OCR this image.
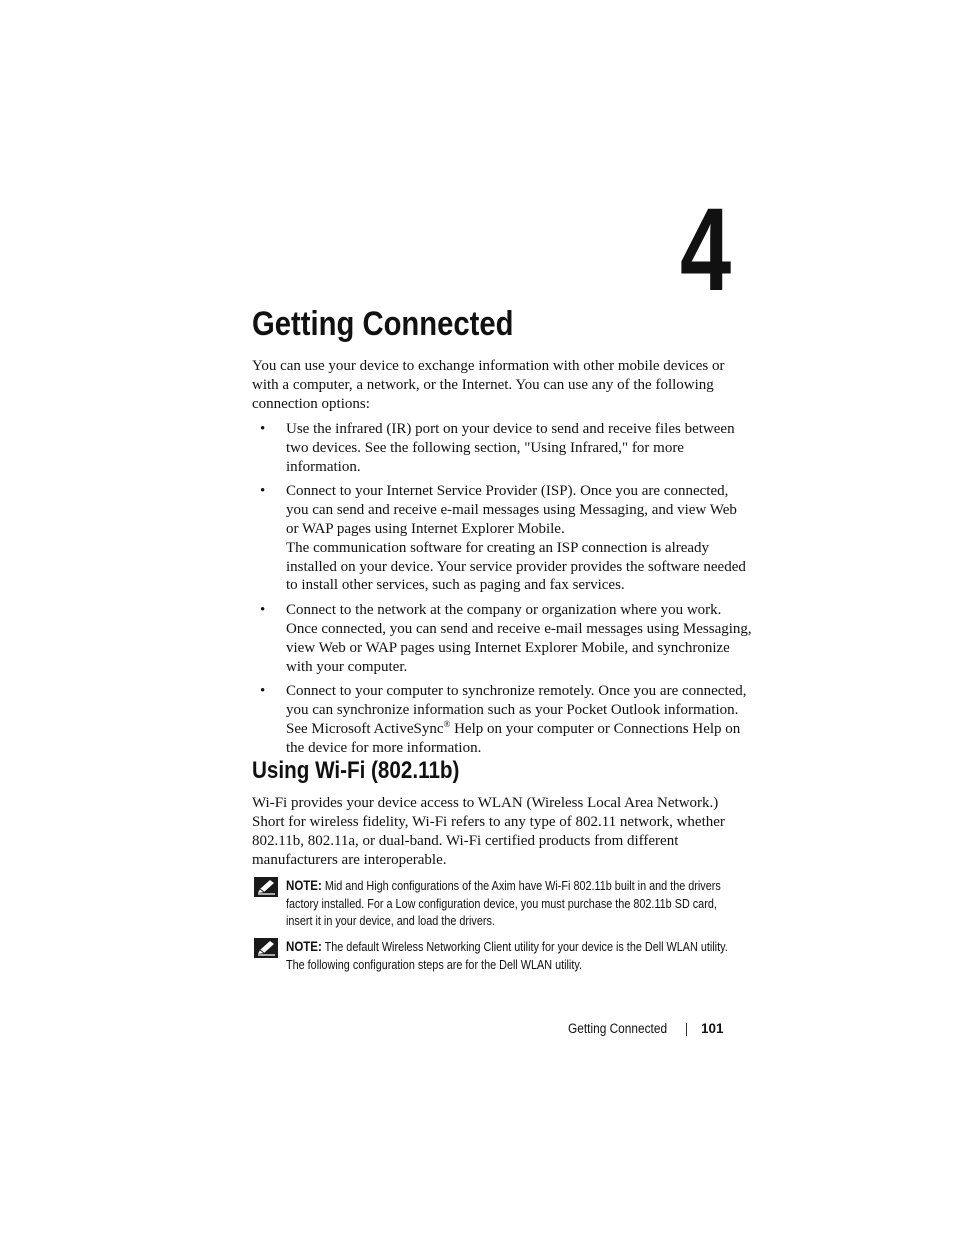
4
Getting Connected

You can use your device to exchange information with other mobile devices or with a computer, a network, or the Internet. You can use any of the following connection options:

• Use the infrared (IR) port on your device to send and receive files between two devices. See the following section, "Using Infrared," for more information.
• Connect to your Internet Service Provider (ISP). Once you are connected, you can send and receive e-mail messages using Messaging, and view Web or WAP pages using Internet Explorer Mobile.
The communication software for creating an ISP connection is already installed on your device. Your service provider provides the software needed to install other services, such as paging and fax services.
• Connect to the network at the company or organization where you work. Once connected, you can send and receive e-mail messages using Messaging, view Web or WAP pages using Internet Explorer Mobile, and synchronize with your computer.
• Connect to your computer to synchronize remotely. Once you are connected, you can synchronize information such as your Pocket Outlook information. See Microsoft ActiveSync® Help on your computer or Connections Help on the device for more information.
Using Wi-Fi (802.11b)

Wi-Fi provides your device access to WLAN (Wireless Local Area Network.) Short for wireless fidelity, Wi-Fi refers to any type of 802.11 network, whether 802.11b, 802.11a, or dual-band. Wi-Fi certified products from different manufacturers are interoperable.

NOTE: Mid and High configurations of the Axim have Wi-Fi 802.11b built in and the drivers factory installed. For a Low configuration device, you must purchase the 802.11b SD card, insert it in your device, and load the drivers.
NOTE: The default Wireless Networking Client utility for your device is the Dell WLAN utility. The following configuration steps are for the Dell WLAN utility.
Getting Connected	101
